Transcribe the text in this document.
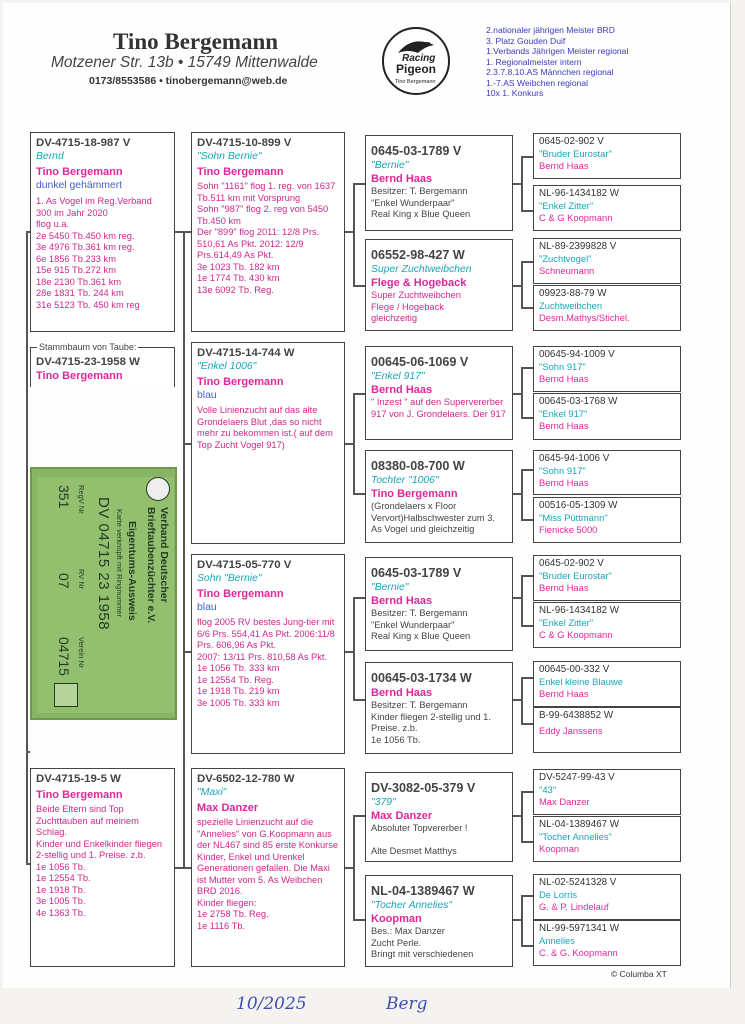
Tino Bergemann
Motzener Str. 13b • 15749 Mittenwalde
0173/8553586 • tinobergemann@web.de
Racing
Pigeon
Tino Bergemann
2.nationaler jährigen Meister BRD
3. Platz Gouden Duif
1.Verbands Jährigen Meister regional
1. Regionalmeister intern
2.3.7.8.10.AS Männchen regional
1.-7.AS Weibchen regional
10x 1. Konkurs
DV-4715-18-987 V
Bernd
Tino Bergemann
dunkel gehämmert
1. As Vogel im Reg.Verband 300 im Jahr 2020
flog u.a.
2e 5450 Tb.450 km reg.
3e 4976 Tb.361 km reg.
6e 1856 Tb.233 km
15e 915 Tb.272 km
18e 2130 Tb.361 km
28e 1831 Tb. 244 km
31e 5123 Tb. 450 km reg
DV-4715-23-1958 W
Tino Bergemann
Stammbaum von Taube:
Verband Deutscher
Brieftaubenzüchter e.V.
Eigentums-Ausweis
Karte verknüpft mit Ringnummer
DV 04715 23 1958
RegV Nr
RV Nr
Verein Nr
351
07
04715
DV-4715-10-899 V
"Sohn Bernie"
Tino Bergemann
Sohn "1161" flog 1. reg. von 1637 Tb.511 km mit Vorsprung
Sohn "987" flog 2. reg von 5450 Tb.450 km
Der "899" flog 2011: 12/8 Prs. 510,61 As Pkt. 2012: 12/9 Prs.614,49 As Pkt.
3e 1023 Tb. 182 km
1e 1774 Tb. 430 km
13e 6092 Tb. Reg.
DV-4715-14-744 W
"Enkel 1006"
Tino Bergemann
blau
Volle Linienzucht auf das alte Grondelaers Blut ,das so nicht mehr zu bekommen ist.( auf dem Top Zucht Vogel 917)
DV-4715-05-770 V
Sohn "Bernie"
Tino Bergemann
blau
flog 2005 RV bestes Jung-tier mit 6/6 Prs. 554,41 As Pkt. 2006:11/8 Prs. 606,96 As Pkt.
2007: 13/11 Prs. 810,58 As Pkt.
1e 1056 Tb. 333 km
1e 12554 Tb. Reg.
1e 1918 Tb. 219 km
3e 1005 Tb. 333 km
DV-6502-12-780 W
"Maxi"
Max Danzer
spezielle Linienzucht auf die "Annelies" von G.Koopmann aus der NL467 sind 85 erste Konkurse Kinder, Enkel und Urenkel Generationen gefallen. Die Maxi ist Mutter vom 5. As Weibchen BRD 2016.
Kinder fliegen:
1e 2758 Tb. Reg.
1e 1116 Tb.
DV-4715-19-5 W
Tino Bergemann
Beide Eltern sind Top Zuchttauben auf meinem Schlag.
Kinder und Enkelkinder fliegen 2-stellig und 1. Preise. z.b.
1e 1056 Tb.
1e 12554 Tb.
1e 1918 Tb.
3e 1005 Tb.
4e 1363 Tb.
0645-03-1789 V
"Bernie"
Bernd Haas
Besitzer: T. Bergemann
"Enkel Wunderpaar"
Real King x Blue Queen
06552-98-427 W
Super Zuchtweibchen
Flege & Hogeback
Super Zuchtweibchen
Flege / Hogeback
gleichzeitig
00645-06-1069 V
"Enkel 917"
Bernd Haas
" Inzest " auf den Supervererber 917 von J. Grondelaers. Der 917
08380-08-700 W
Tochter "1006"
Tino Bergemann
(Grondelaers x Floor Vervort)Halbschwester zum 3. As Vogel und gleichzeitig
0645-03-1789 V
"Bernie"
Bernd Haas
Besitzer: T. Bergemann
"Enkel Wunderpaar"
Real King x Blue Queen
00645-03-1734 W
Bernd Haas
Besitzer: T. Bergemann
Kinder fliegen 2-stellig und 1. Preise. z.b.
1e 1056 Tb.
DV-3082-05-379 V
"379"
Max Danzer
Absoluter Topvererber !

Alte Desmet Matthys
NL-04-1389467 W
"Tocher Annelies"
Koopman
Bes.: Max Danzer
Zucht Perle.
Bringt mit verschiedenen
0645-02-902 V
"Bruder Eurostar"
Bernd Haas
NL-96-1434182 W
"Enkel Zitter"
C & G Koopmann
NL-89-2399828 V
"Zuchtvogel"
Schneumann
09923-88-79 W
Zuchtweibchen
Desm.Mathys/Stichel.
00645-94-1009 V
"Sohn 917"
Bernd Haas
00645-03-1768 W
"Enkel 917"
Bernd Haas
0645-94-1006 V
"Sohn 917"
Bernd Haas
00516-05-1309 W
"Miss Püttmann"
Fienicke 5000
0645-02-902 V
"Bruder Eurostar"
Bernd Haas
NL-96-1434182 W
"Enkel Zitter"
C & G Koopmann
00645-00-332 V
Enkel kleine Blauwe
Bernd Haas
B-99-6438852 W
Eddy Janssens
DV-5247-99-43 V
"43"
Max Danzer
NL-04-1389467 W
"Tocher Annelies"
Koopman
NL-02-5241328 V
De Lorris
G. & P. Lindelauf
NL-99-5971341 W
Annelies
C. & G. Koopmann
© Columba XT
10/2025	Berg
